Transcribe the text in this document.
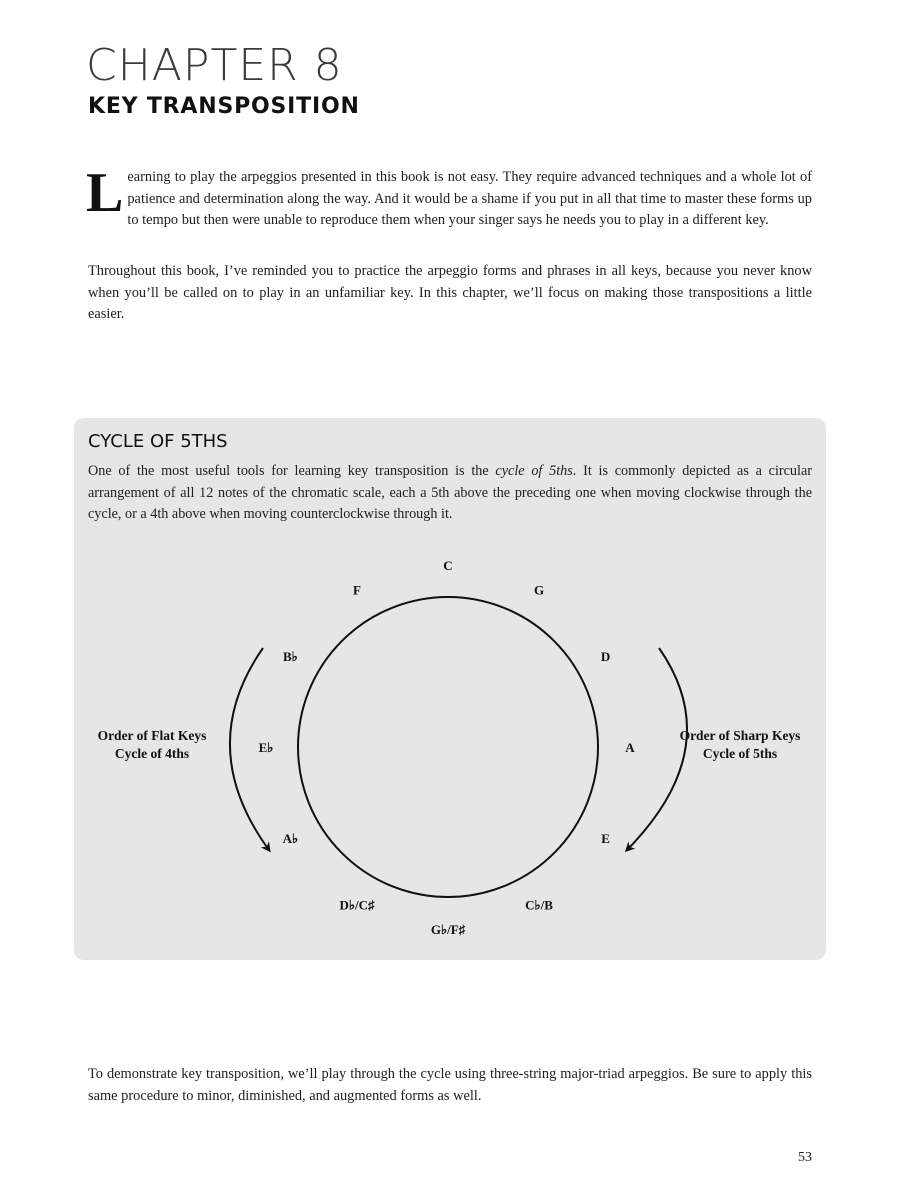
CHAPTER 8
KEY TRANSPOSITION

Learning to play the arpeggios presented in this book is not easy. They require advanced techniques and a whole lot of patience and determination along the way. And it would be a shame if you put in all that time to master these forms up to tempo but then were unable to reproduce them when your singer says he needs you to play in a different key.

Throughout this book, I’ve reminded you to practice the arpeggio forms and phrases in all keys, because you never know when you’ll be called on to play in an unfamiliar key. In this chapter, we’ll focus on making those transpositions a little easier.

CYCLE OF 5THS

One of the most useful tools for learning key transposition is the cycle of 5ths. It is commonly depicted as a circular arrangement of all 12 notes of the chromatic scale, each a 5th above the preceding one when moving clockwise through the cycle, or a 4th above when moving counterclockwise through it.

C
G
D
A
E
C♭/B
G♭/F♯
D♭/C♯
A♭
E♭
B♭
F
Order of Flat Keys
Cycle of 4ths
Order of Sharp Keys
Cycle of 5ths

To demonstrate key transposition, we’ll play through the cycle using three-string major-triad arpeggios. Be sure to apply this same procedure to minor, diminished, and augmented forms as well.

53
